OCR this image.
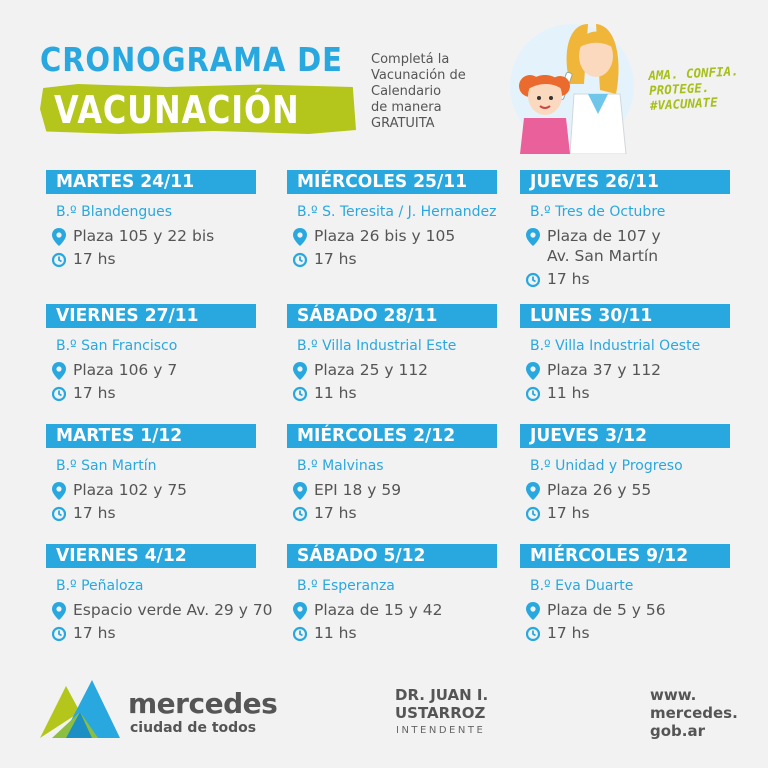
CRONOGRAMA DE
VACUNACIÓN
Completá la
Vacunación de
Calendario
de manera
GRATUITA
AMA. CONFIA.
PROTEGE.
#VACUNATE
MARTES 24/11
B.º Blandengues
Plaza 105 y 22 bis
17 hs
MIÉRCOLES 25/11
B.º S. Teresita / J. Hernandez
Plaza 26 bis y 105
17 hs
JUEVES 26/11
B.º Tres de Octubre
Plaza de 107 y
Av. San Martín
17 hs
VIERNES 27/11
B.º San Francisco
Plaza 106 y 7
17 hs
SÁBADO 28/11
B.º Villa Industrial Este
Plaza 25 y 112
11 hs
LUNES 30/11
B.º Villa Industrial Oeste
Plaza 37 y 112
11 hs
MARTES 1/12
B.º San Martín
Plaza 102 y 75
17 hs
MIÉRCOLES 2/12
B.º Malvinas
EPI 18 y 59
17 hs
JUEVES 3/12
B.º Unidad y Progreso
Plaza 26 y 55
17 hs
VIERNES 4/12
B.º Peñaloza
Espacio verde Av. 29 y 70
17 hs
SÁBADO 5/12
B.º Esperanza
Plaza de 15 y 42
11 hs
MIÉRCOLES 9/12
B.º Eva Duarte
Plaza de 5 y 56
17 hs
mercedes
ciudad de todos
DR. JUAN I.
USTARROZ
INTENDENTE
www.
mercedes.
gob.ar
